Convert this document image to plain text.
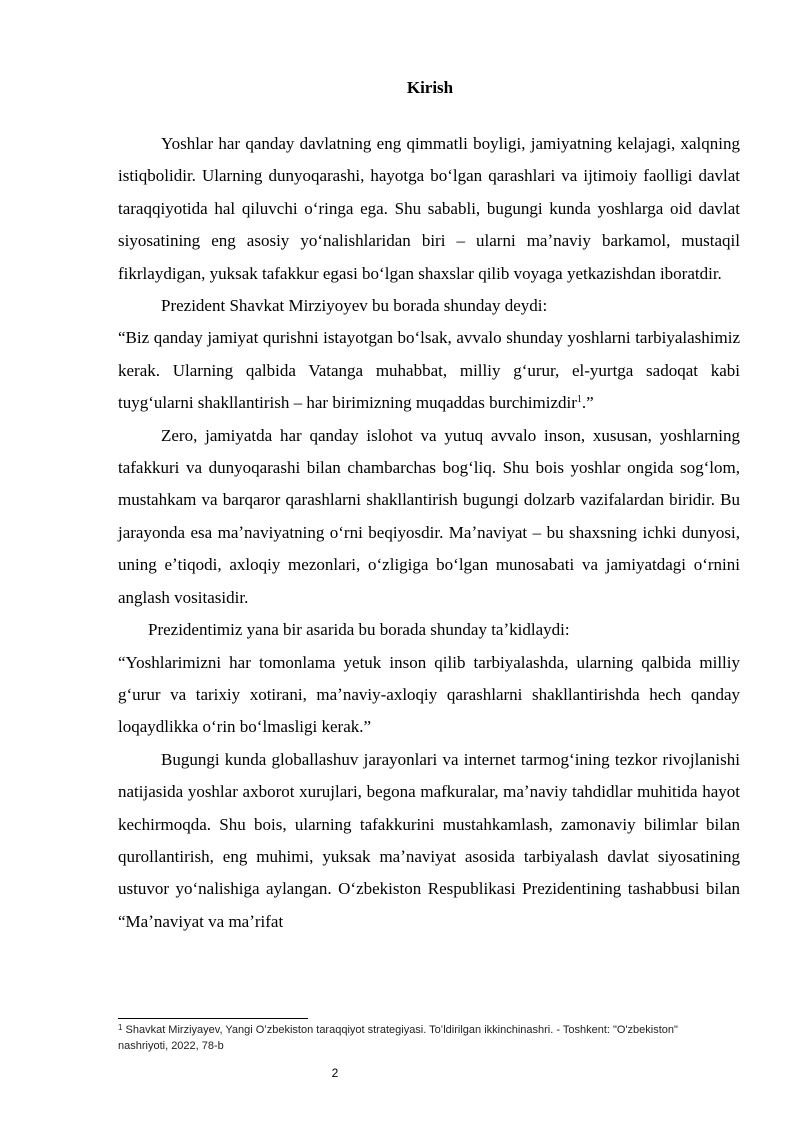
Kirish

Yoshlar har qanday davlatning eng qimmatli boyligi, jamiyatning kelajagi, xalqning istiqbolidir. Ularning dunyoqarashi, hayotga boʻlgan qarashlari va ijtimoiy faolligi davlat taraqqiyotida hal qiluvchi oʻringa ega. Shu sababli, bugungi kunda yoshlarga oid davlat siyosatining eng asosiy yoʻnalishlaridan biri – ularni maʼnaviy barkamol, mustaqil fikrlaydigan, yuksak tafakkur egasi boʻlgan shaxslar qilib voyaga yetkazishdan iboratdir.

Prezident Shavkat Mirziyoyev bu borada shunday deydi:

“Biz qanday jamiyat qurishni istayotgan boʻlsak, avvalo shunday yoshlarni tarbiyalashimiz kerak. Ularning qalbida Vatanga muhabbat, milliy gʻurur, el-yurtga sadoqat kabi tuygʻularni shakllantirish – har birimizning muqaddas burchimizdir$^1$.”

Zero, jamiyatda har qanday islohot va yutuq avvalo inson, xususan, yoshlarning tafakkuri va dunyoqarashi bilan chambarchas bogʻliq. Shu bois yoshlar ongida sogʻlom, mustahkam va barqaror qarashlarni shakllantirish bugungi dolzarb vazifalardan biridir. Bu jarayonda esa maʼnaviyatning oʻrni beqiyosdir. Maʼnaviyat – bu shaxsning ichki dunyosi, uning eʼtiqodi, axloqiy mezonlari, oʻzligiga boʻlgan munosabati va jamiyatdagi oʻrnini anglash vositasidir.

Prezidentimiz yana bir asarida bu borada shunday taʼkidlaydi:

“Yoshlarimizni har tomonlama yetuk inson qilib tarbiyalashda, ularning qalbida milliy gʻurur va tarixiy xotirani, maʼnaviy-axloqiy qarashlarni shakllantirishda hech qanday loqaydlikka oʻrin boʻlmasligi kerak.”

Bugungi kunda globallashuv jarayonlari va internet tarmogʻining tezkor rivojlanishi natijasida yoshlar axborot xurujlari, begona mafkuralar, maʼnaviy tahdidlar muhitida hayot kechirmoqda. Shu bois, ularning tafakkurini mustahkamlash, zamonaviy bilimlar bilan qurollantirish, eng muhimi, yuksak maʼnaviyat asosida tarbiyalash davlat siyosatining ustuvor yoʻnalishiga aylangan. Oʻzbekiston Respublikasi Prezidentining tashabbusi bilan “Maʼnaviyat va maʼrifat

$^1$ Shavkat Mirziyayev, Yangi Oʻzbekiston taraqqiyot strategiyasi. Toʻldirilgan ikkinchinashri. - Toshkent: "O'zbekiston" nashriyoti, 2022, 78-b
2
